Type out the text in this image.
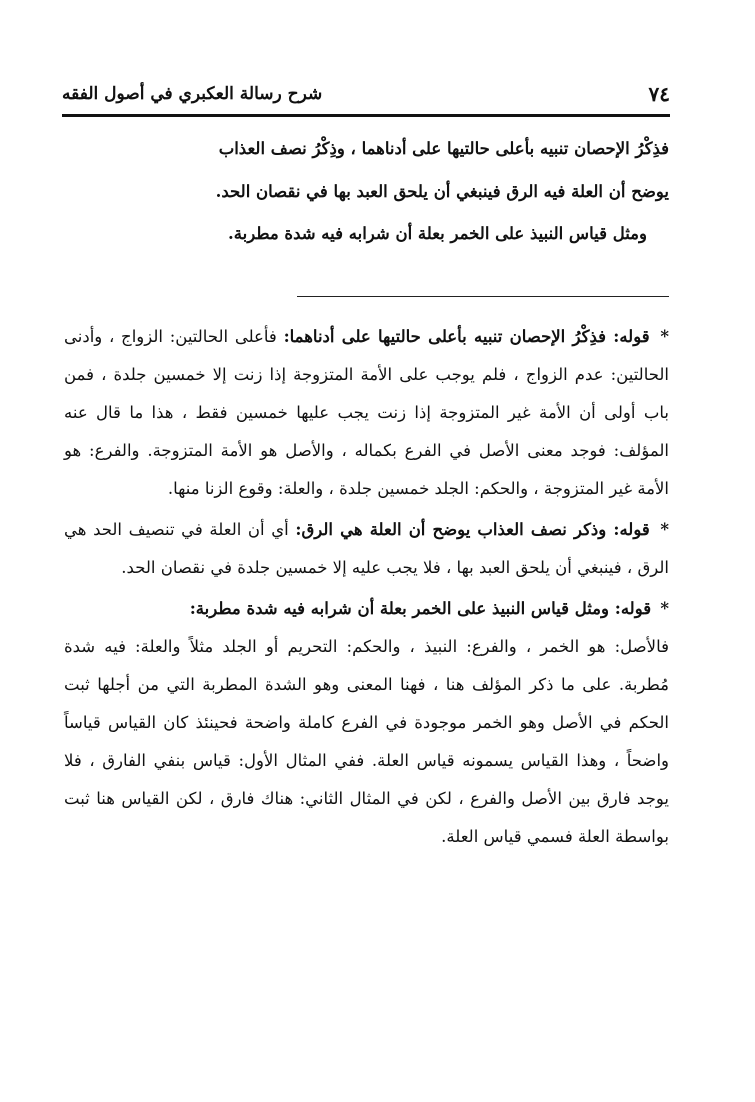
٧٤
شرح رسالة العكبري في أصول الفقه

فذِكْرُ الإحصان تنبيه بأعلى حالتيها على أدناهما ، وذِكْرُ نصف العذاب

يوضح أن العلة فيه الرق فينبغي أن يلحق العبد بها في نقصان الحد.

ومثل قياس النبيذ على الخمر بعلة أن شرابه فيه شدة مطربة.

* قوله: فذِكْرُ الإحصان تنبيه بأعلى حالتيها على أدناهما: فأعلى الحالتين: الزواج ، وأدنى الحالتين: عدم الزواج ، فلم يوجب على الأمة المتزوجة إذا زنت إلا خمسين جلدة ، فمن باب أولى أن الأمة غير المتزوجة إذا زنت يجب عليها خمسين فقط ، هذا ما قال عنه المؤلف: فوجد معنى الأصل في الفرع بكماله ، والأصل هو الأمة المتزوجة. والفرع: هو الأمة غير المتزوجة ، والحكم: الجلد خمسين جلدة ، والعلة: وقوع الزنا منها.

* قوله: وذكر نصف العذاب يوضح أن العلة هي الرق: أي أن العلة في تنصيف الحد هي الرق ، فينبغي أن يلحق العبد بها ، فلا يجب عليه إلا خمسين جلدة في نقصان الحد.

* قوله: ومثل قياس النبيذ على الخمر بعلة أن شرابه فيه شدة مطربة:
فالأصل: هو الخمر ، والفرع: النبيذ ، والحكم: التحريم أو الجلد مثلاً والعلة: فيه شدة مُطربة. على ما ذكر المؤلف هنا ، فهنا المعنى وهو الشدة المطربة التي من أجلها ثبت الحكم في الأصل وهو الخمر موجودة في الفرع كاملة واضحة فحينئذ كان القياس قياساً واضحاً ، وهذا القياس يسمونه قياس العلة. ففي المثال الأول: قياس بنفي الفارق ، فلا يوجد فارق بين الأصل والفرع ، لكن في المثال الثاني: هناك فارق ، لكن القياس هنا ثبت بواسطة العلة فسمي قياس العلة.
